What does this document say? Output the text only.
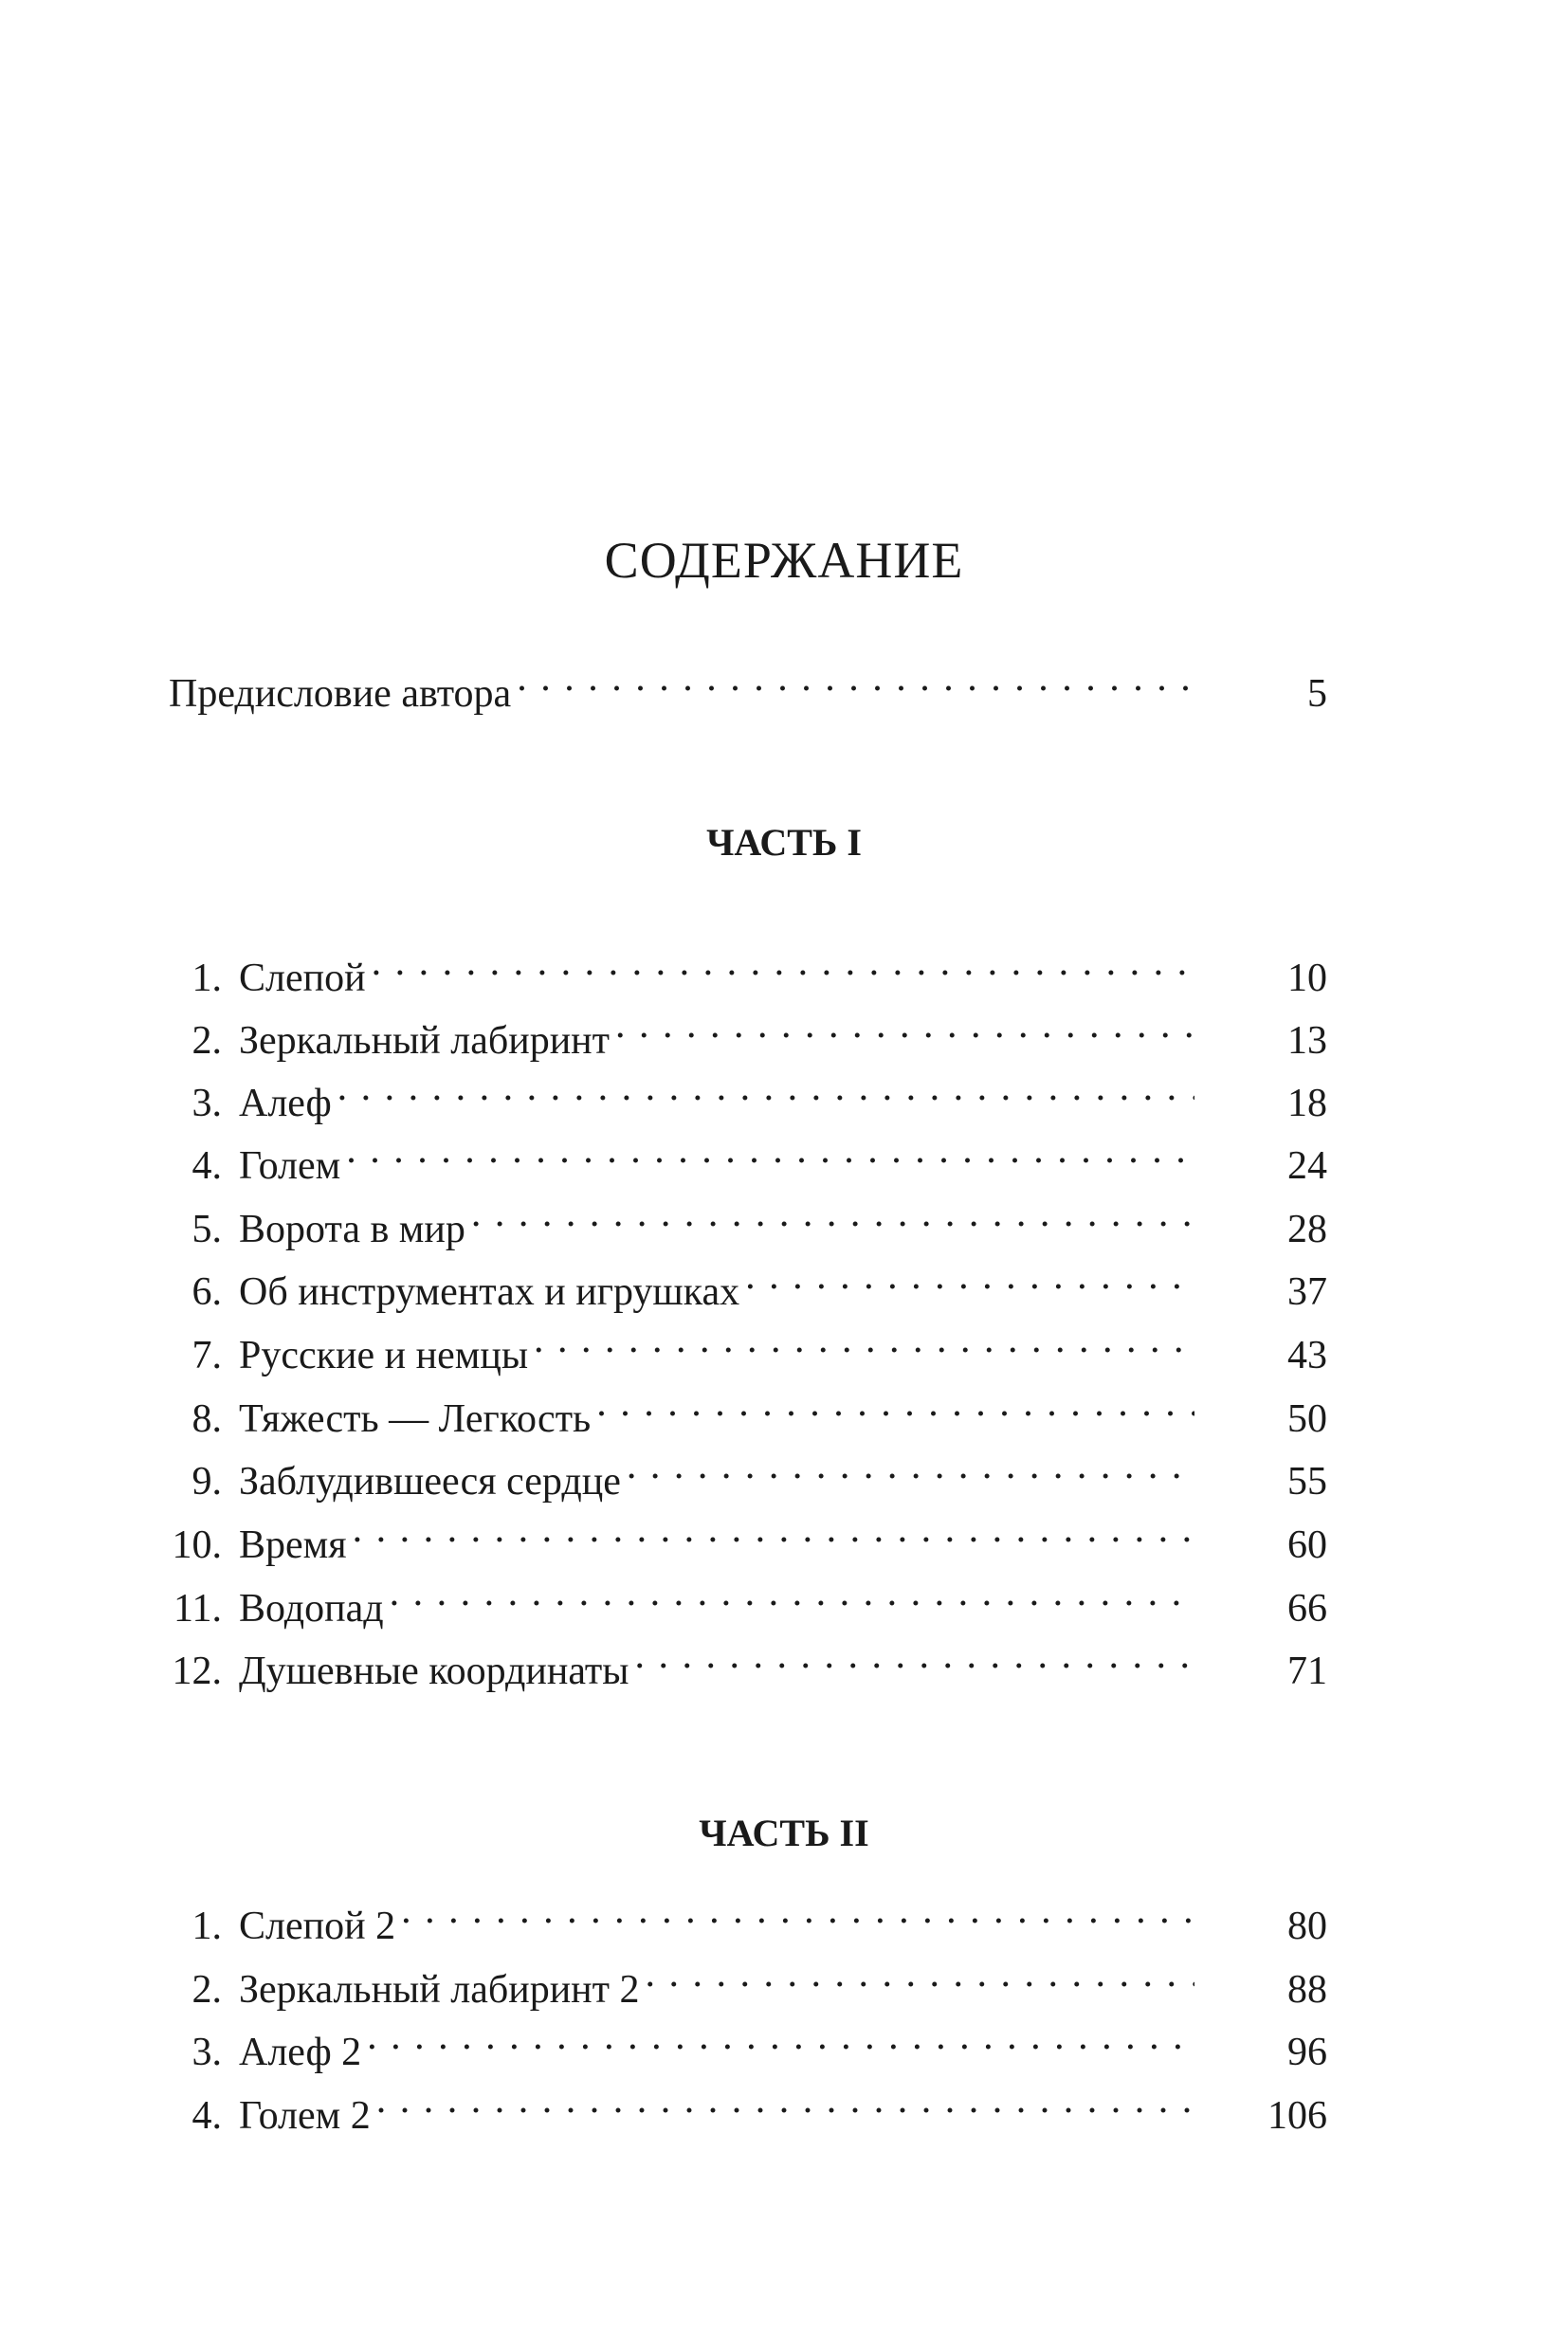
СОДЕРЖАНИЕ
Предисловие автора . . .	5
ЧАСТЬ I
1. Слепой . . .	10
2. Зеркальный лабиринт . . .	13
3. Алеф . . .	18
4. Голем . . .	24
5. Ворота в мир . . .	28
6. Об инструментах и игрушках . . .	37
7. Русские и немцы . . .	43
8. Тяжесть — Легкость . . .	50
9. Заблудившееся сердце . . .	55
10. Время . . .	60
11. Водопад . . .	66
12. Душевные координаты . . .	71
ЧАСТЬ II
1. Слепой 2 . . .	80
2. Зеркальный лабиринт 2 . . .	88
3. Алеф 2 . . .	96
4. Голем 2 . . .	106
